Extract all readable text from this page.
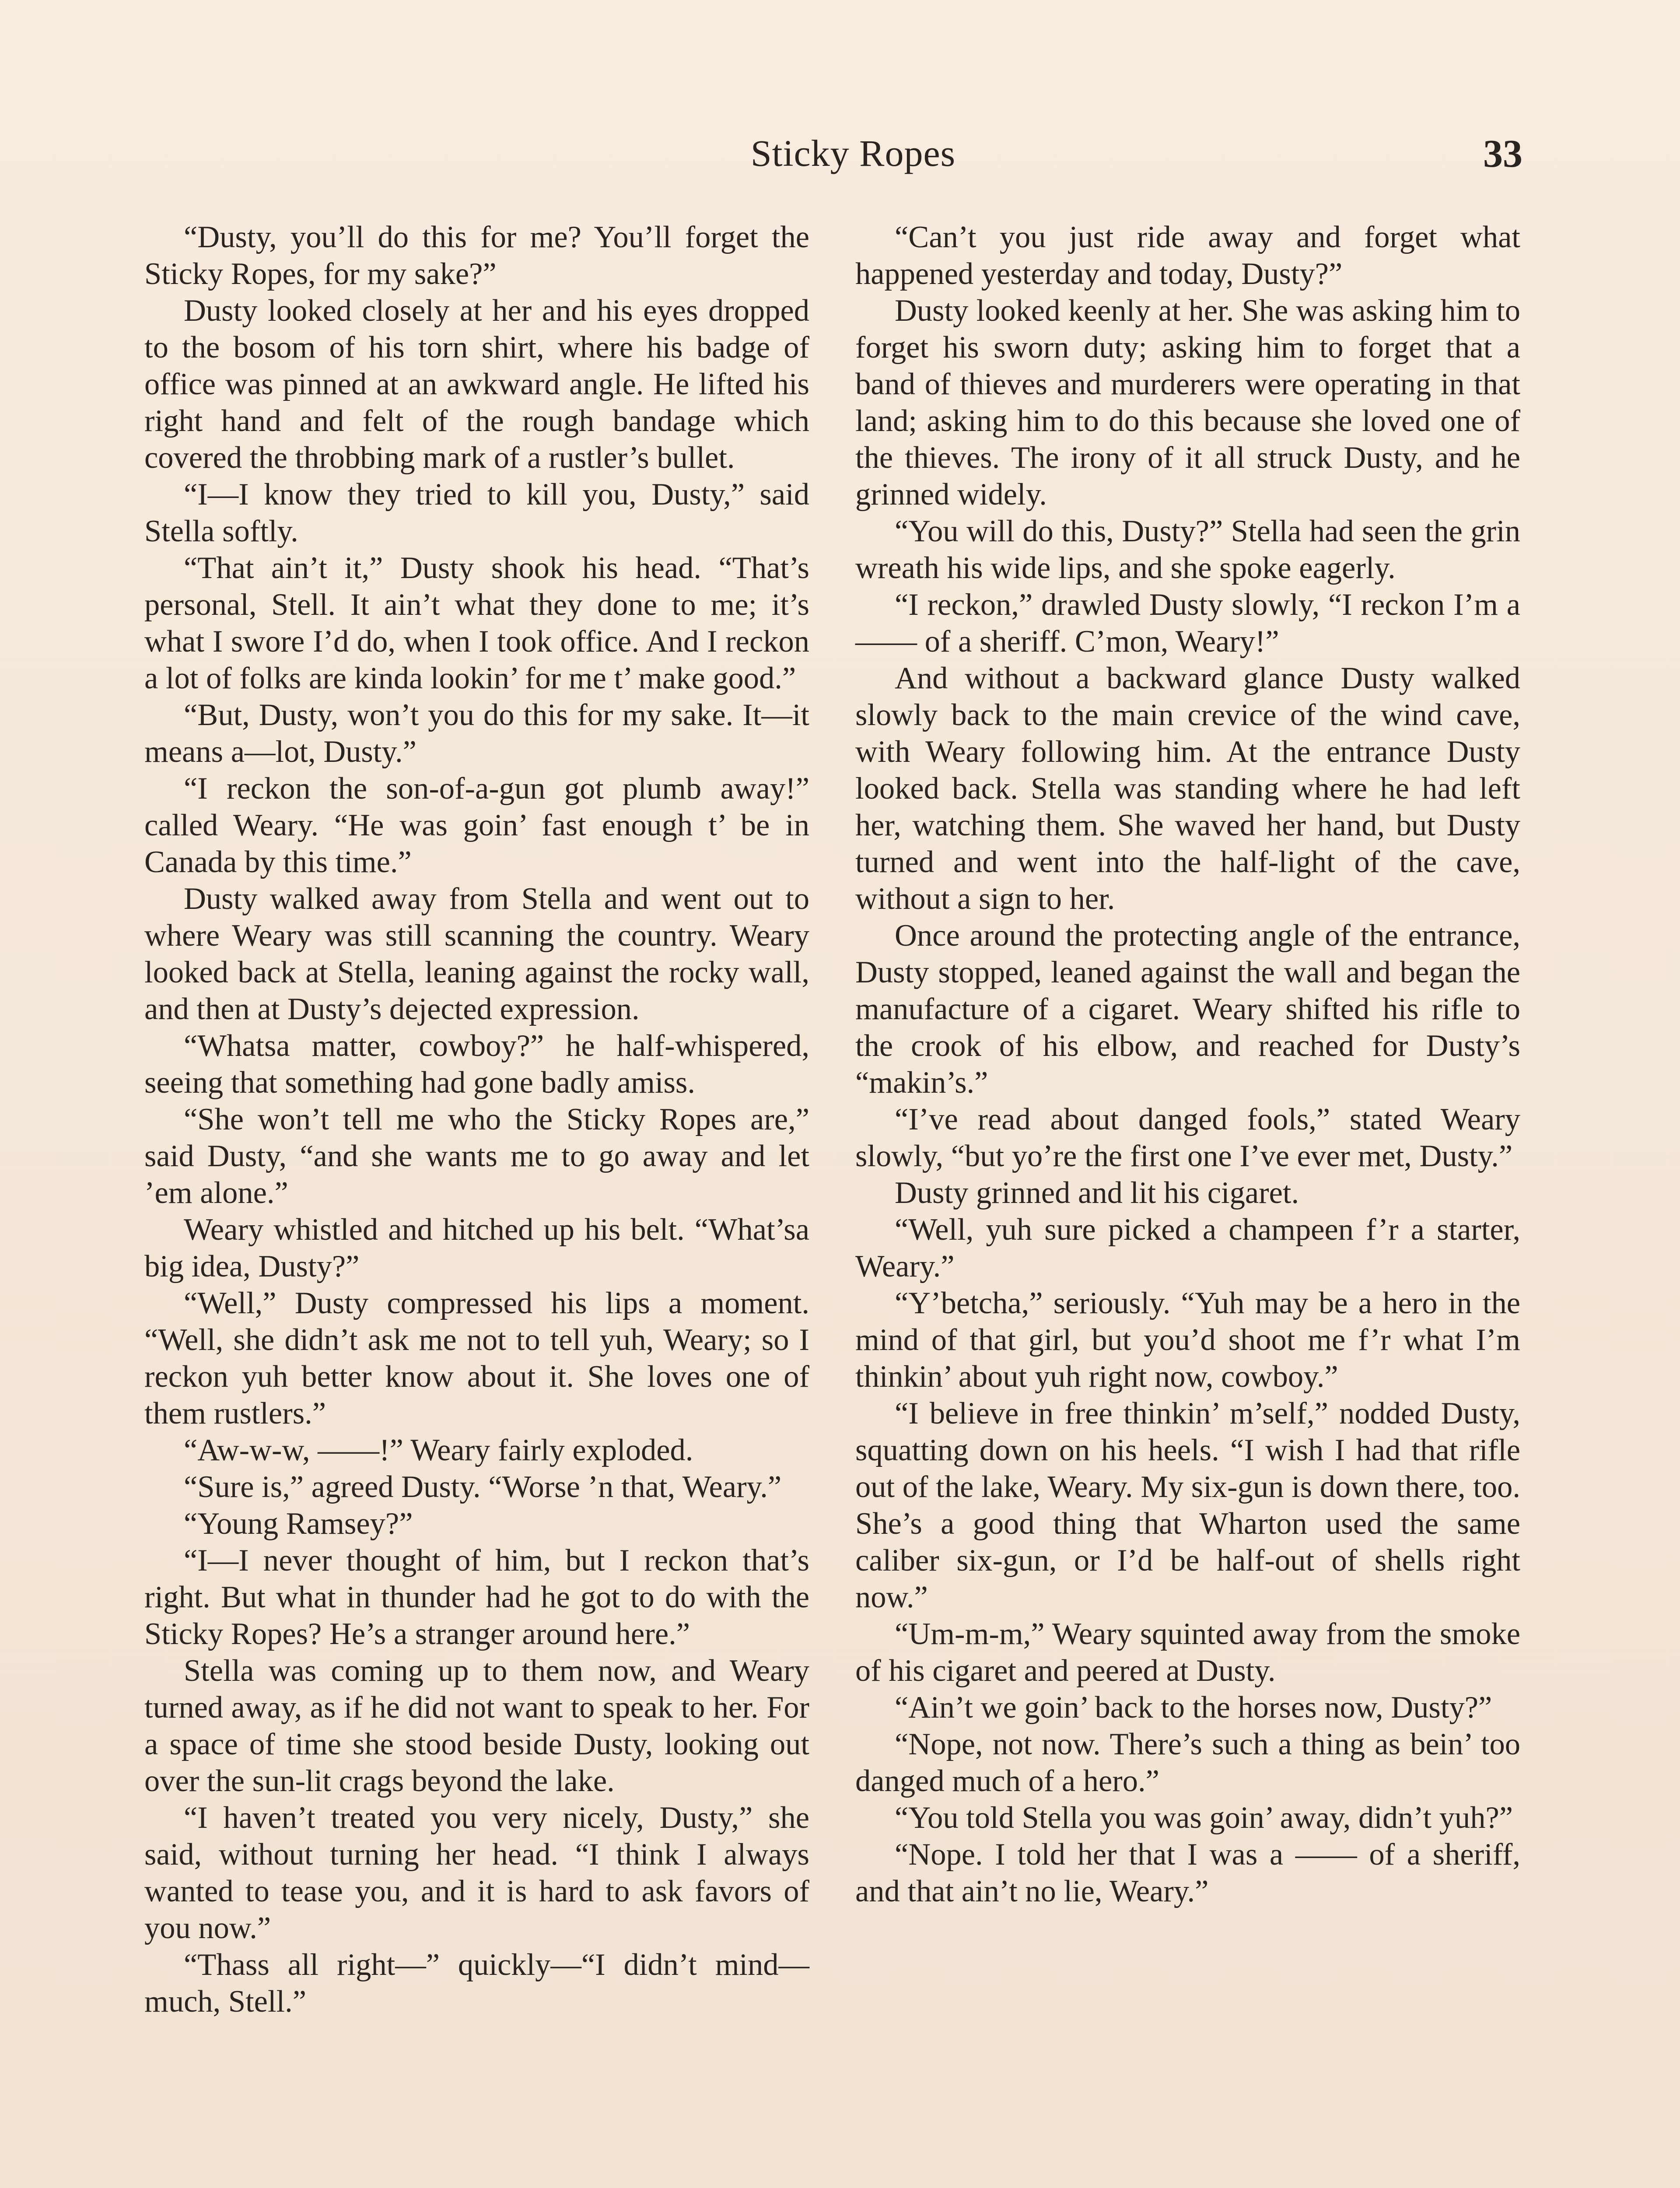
Sticky Ropes	33

“Dusty, you’ll do this for me? You’ll forget the Sticky Ropes, for my sake?”

Dusty looked closely at her and his eyes dropped to the bosom of his torn shirt, where his badge of office was pinned at an awkward angle. He lifted his right hand and felt of the rough bandage which covered the throbbing mark of a rustler’s bullet.

“I—I know they tried to kill you, Dusty,” said Stella softly.

“That ain’t it,” Dusty shook his head. “That’s personal, Stell. It ain’t what they done to me; it’s what I swore I’d do, when I took office. And I reckon a lot of folks are kinda lookin’ for me t’ make good.”

“But, Dusty, won’t you do this for my sake. It—it means a—lot, Dusty.”

“I reckon the son-of-a-gun got plumb away!” called Weary. “He was goin’ fast enough t’ be in Canada by this time.”

Dusty walked away from Stella and went out to where Weary was still scanning the country. Weary looked back at Stella, leaning against the rocky wall, and then at Dusty’s dejected expression.

“Whatsa matter, cowboy?” he half-whispered, seeing that something had gone badly amiss.

“She won’t tell me who the Sticky Ropes are,” said Dusty, “and she wants me to go away and let ’em alone.”

Weary whistled and hitched up his belt. “What’sa big idea, Dusty?”

“Well,” Dusty compressed his lips a moment. “Well, she didn’t ask me not to tell yuh, Weary; so I reckon yuh better know about it. She loves one of them rustlers.”

“Aw-w-w, ——!” Weary fairly exploded.

“Sure is,” agreed Dusty. “Worse ’n that, Weary.”

“Young Ramsey?”

“I—I never thought of him, but I reckon that’s right. But what in thunder had he got to do with the Sticky Ropes? He’s a stranger around here.”

Stella was coming up to them now, and Weary turned away, as if he did not want to speak to her. For a space of time she stood beside Dusty, looking out over the sun-lit crags beyond the lake.

“I haven’t treated you very nicely, Dusty,” she said, without turning her head. “I think I always wanted to tease you, and it is hard to ask favors of you now.”

“Thass all right—” quickly—“I didn’t mind—much, Stell.”

“Can’t you just ride away and forget what happened yesterday and today, Dusty?”

Dusty looked keenly at her. She was asking him to forget his sworn duty; asking him to forget that a band of thieves and murderers were operating in that land; asking him to do this because she loved one of the thieves. The irony of it all struck Dusty, and he grinned widely.

“You will do this, Dusty?” Stella had seen the grin wreath his wide lips, and she spoke eagerly.

“I reckon,” drawled Dusty slowly, “I reckon I’m a —— of a sheriff. C’mon, Weary!”

And without a backward glance Dusty walked slowly back to the main crevice of the wind cave, with Weary following him. At the entrance Dusty looked back. Stella was standing where he had left her, watching them. She waved her hand, but Dusty turned and went into the half-light of the cave, without a sign to her.

Once around the protecting angle of the entrance, Dusty stopped, leaned against the wall and began the manufacture of a cigaret. Weary shifted his rifle to the crook of his elbow, and reached for Dusty’s “makin’s.”

“I’ve read about danged fools,” stated Weary slowly, “but yo’re the first one I’ve ever met, Dusty.”

Dusty grinned and lit his cigaret.

“Well, yuh sure picked a champeen f’r a starter, Weary.”

“Y’betcha,” seriously. “Yuh may be a hero in the mind of that girl, but you’d shoot me f’r what I’m thinkin’ about yuh right now, cowboy.”

“I believe in free thinkin’ m’self,” nodded Dusty, squatting down on his heels. “I wish I had that rifle out of the lake, Weary. My six-gun is down there, too. She’s a good thing that Wharton used the same caliber six-gun, or I’d be half-out of shells right now.”

“Um-m-m,” Weary squinted away from the smoke of his cigaret and peered at Dusty.

“Ain’t we goin’ back to the horses now, Dusty?”

“Nope, not now. There’s such a thing as bein’ too danged much of a hero.”

“You told Stella you was goin’ away, didn’t yuh?”

“Nope. I told her that I was a —— of a sheriff, and that ain’t no lie, Weary.”
